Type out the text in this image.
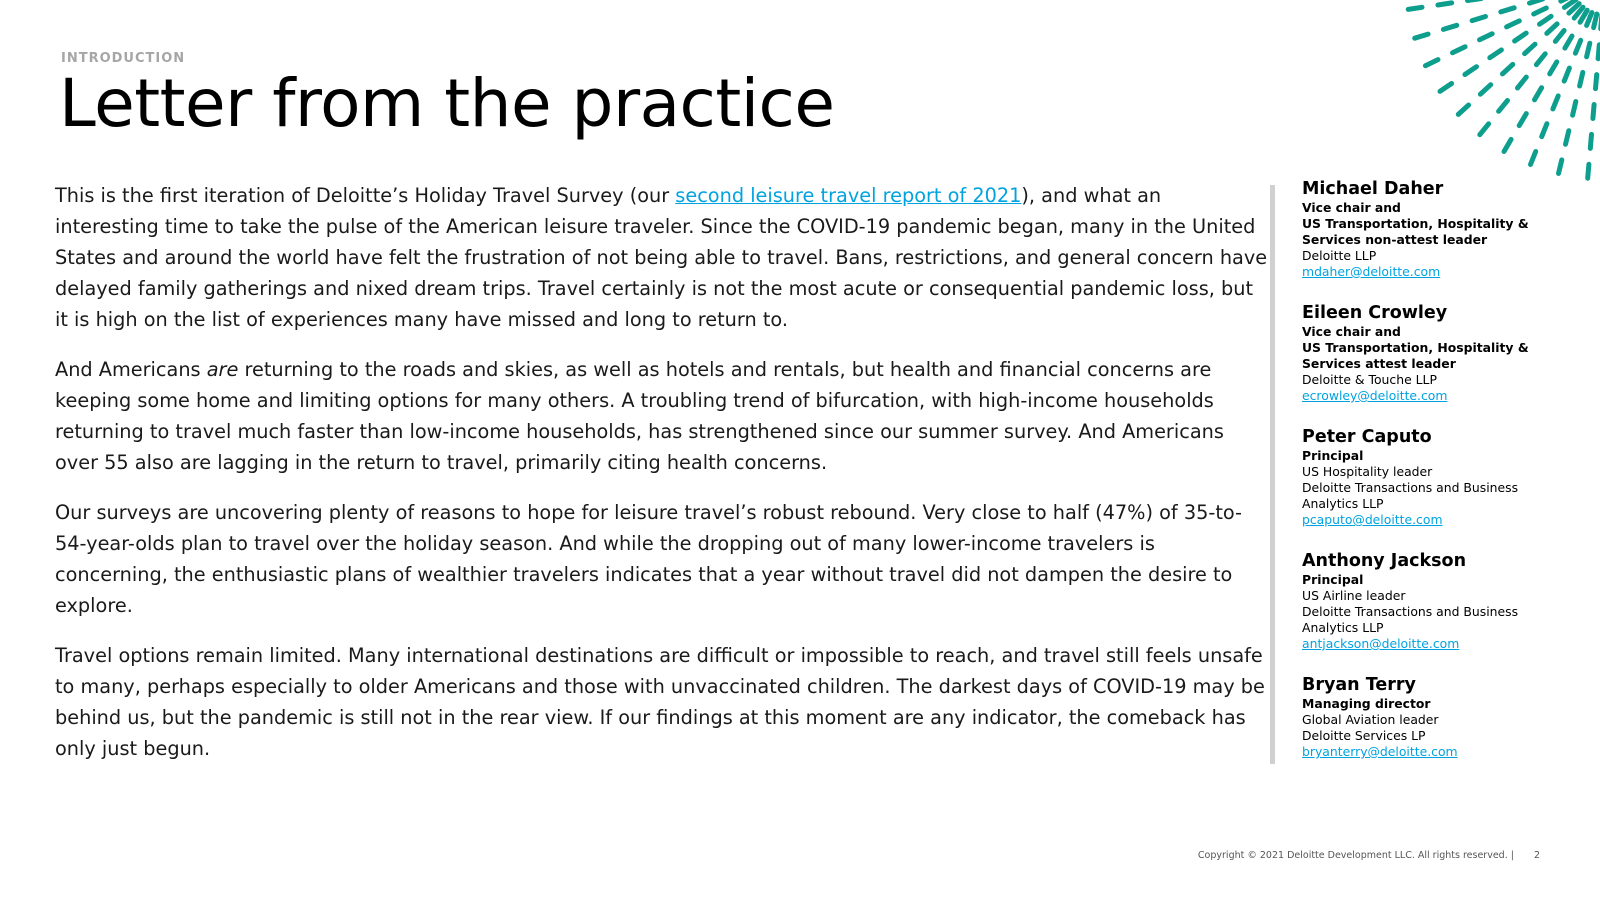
INTRODUCTION
Letter from the practice

This is the first iteration of Deloitte’s Holiday Travel Survey (our second leisure travel report of 2021), and what an interesting time to take the pulse of the American leisure traveler. Since the COVID-19 pandemic began, many in the United States and around the world have felt the frustration of not being able to travel. Bans, restrictions, and general concern have delayed family gatherings and nixed dream trips. Travel certainly is not the most acute or consequential pandemic loss, but it is high on the list of experiences many have missed and long to return to.

And Americans are returning to the roads and skies, as well as hotels and rentals, but health and financial concerns are keeping some home and limiting options for many others. A troubling trend of bifurcation, with high-income households returning to travel much faster than low-income households, has strengthened since our summer survey. And Americans over 55 also are lagging in the return to travel, primarily citing health concerns.

Our surveys are uncovering plenty of reasons to hope for leisure travel’s robust rebound. Very close to half (47%) of 35-to-54-year-olds plan to travel over the holiday season. And while the dropping out of many lower-income travelers is concerning, the enthusiastic plans of wealthier travelers indicates that a year without travel did not dampen the desire to explore.

Travel options remain limited. Many international destinations are difficult or impossible to reach, and travel still feels unsafe to many, perhaps especially to older Americans and those with unvaccinated children. The darkest days of COVID-19 may be behind us, but the pandemic is still not in the rear view. If our findings at this moment are any indicator, the comeback has only just begun.

Michael Daher
Vice chair and
US Transportation, Hospitality &
Services non-attest leader
Deloitte LLP
mdaher@deloitte.com
Eileen Crowley
Vice chair and
US Transportation, Hospitality &
Services attest leader
Deloitte & Touche LLP
ecrowley@deloitte.com
Peter Caputo
Principal
US Hospitality leader
Deloitte Transactions and Business
Analytics LLP
pcaputo@deloitte.com
Anthony Jackson
Principal
US Airline leader
Deloitte Transactions and Business
Analytics LLP
antjackson@deloitte.com
Bryan Terry
Managing director
Global Aviation leader
Deloitte Services LP
bryanterry@deloitte.com
Copyright © 2021 Deloitte Development LLC. All rights reserved. | 2
